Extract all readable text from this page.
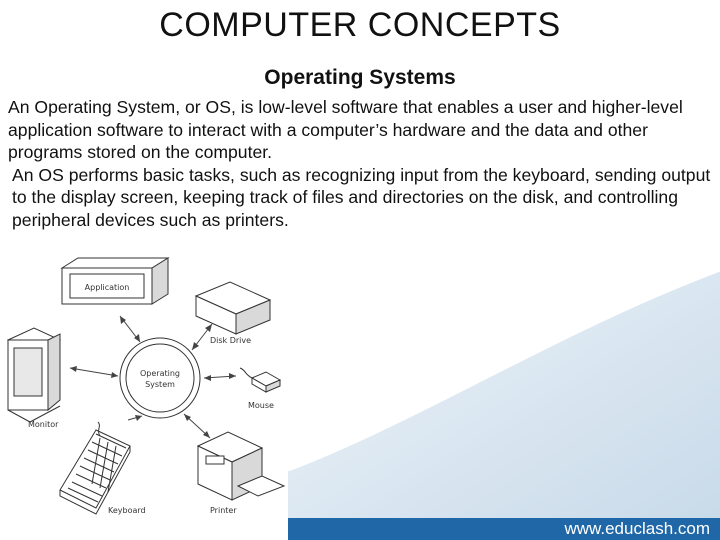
COMPUTER CONCEPTS
Operating Systems

An Operating System, or OS, is low-level software that enables a user and higher-level application software to interact with a computer’s hardware and the data and other programs stored on the computer.

An OS performs basic tasks, such as recognizing input from the keyboard, sending output to the display screen, keeping track of files and directories on the disk, and controlling peripheral devices such as printers.

Application
Disk Drive
Operating
System
Mouse
Monitor
Keyboard	Printer
www.educlash.com
